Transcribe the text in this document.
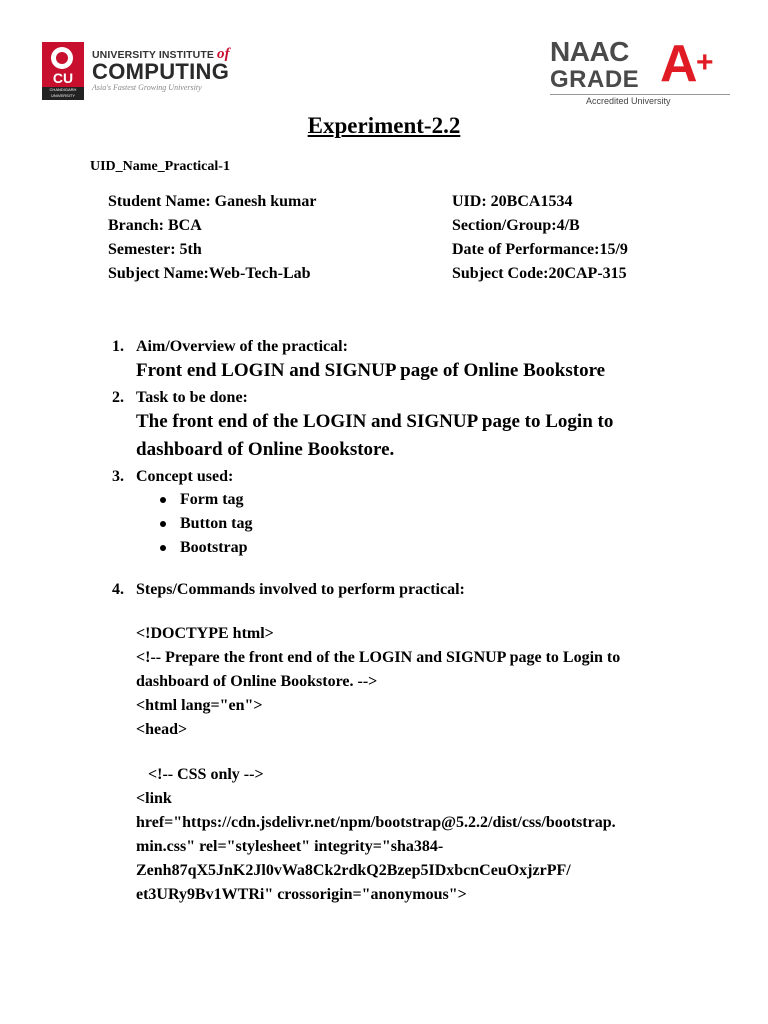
CU
CHANDIGARH UNIVERSITY
UNIVERSITY INSTITUTE of
COMPUTING
Asia's Fastest Growing University
NAAC
GRADE A
+
Accredited University
Experiment-2.2
UID_Name_Practical-1
Student Name: Ganesh kumar
Branch: BCA
Semester: 5th
Subject Name:Web-Tech-Lab
UID: 20BCA1534
Section/Group:4/B
Date of Performance:15/9
Subject Code:20CAP-315
1. Aim/Overview of the practical:
Front end LOGIN and SIGNUP page of Online Bookstore
2. Task to be done:
The front end of the LOGIN and SIGNUP page to Login to
dashboard of Online Bookstore.
3. Concept used:
Form tag
Button tag
Bootstrap
4. Steps/Commands involved to perform practical:
<!DOCTYPE html>
<!-- Prepare the front end of the LOGIN and SIGNUP page to Login to
dashboard of Online Bookstore. -->
<html lang="en">
<head>
<!-- CSS only -->
<link
href="https://cdn.jsdelivr.net/npm/bootstrap@5.2.2/dist/css/bootstrap.
min.css" rel="stylesheet" integrity="sha384-
Zenh87qX5JnK2Jl0vWa8Ck2rdkQ2Bzep5IDxbcnCeuOxjzrPF/
et3URy9Bv1WTRi" crossorigin="anonymous">
